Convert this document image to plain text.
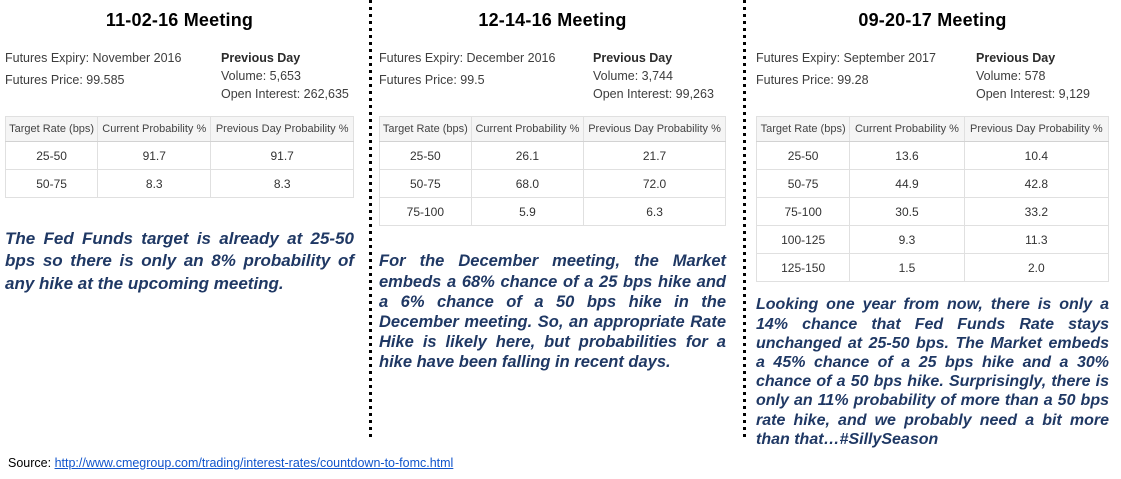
11-02-16 Meeting
Futures Expiry: November 2016
Futures Price: 99.585
Previous Day
Volume: 5,653
Open Interest: 262,635
Target Rate (bps)	Current Probability %	Previous Day Probability %
25-50	91.7	91.7
50-75	8.3	8.3
The Fed Funds target is already at 25-50 bps so there is only an 8% probability of any hike at the upcoming meeting.
12-14-16 Meeting
Futures Expiry: December 2016
Futures Price: 99.5
Previous Day
Volume: 3,744
Open Interest: 99,263
Target Rate (bps)	Current Probability %	Previous Day Probability %
25-50	26.1	21.7
50-75	68.0	72.0
75-100	5.9	6.3
For the December meeting, the Market embeds a 68% chance of a 25 bps hike and a 6% chance of a 50 bps hike in the December meeting. So, an appropriate Rate Hike is likely here, but probabilities for a hike have been falling in recent days.
09-20-17 Meeting
Futures Expiry: September 2017
Futures Price: 99.28
Previous Day
Volume: 578
Open Interest: 9,129
Target Rate (bps)	Current Probability %	Previous Day Probability %
25-50	13.6	10.4
50-75	44.9	42.8
75-100	30.5	33.2
100-125	9.3	11.3
125-150	1.5	2.0
Looking one year from now, there is only a 14% chance that Fed Funds Rate stays unchanged at 25-50 bps. The Market embeds a 45% chance of a 25 bps hike and a 30% chance of a 50 bps hike. Surprisingly, there is only an 11% probability of more than a 50 bps rate hike, and we probably need a bit more than that…#SillySeason
Source: http://www.cmegroup.com/trading/interest-rates/countdown-to-fomc.html
